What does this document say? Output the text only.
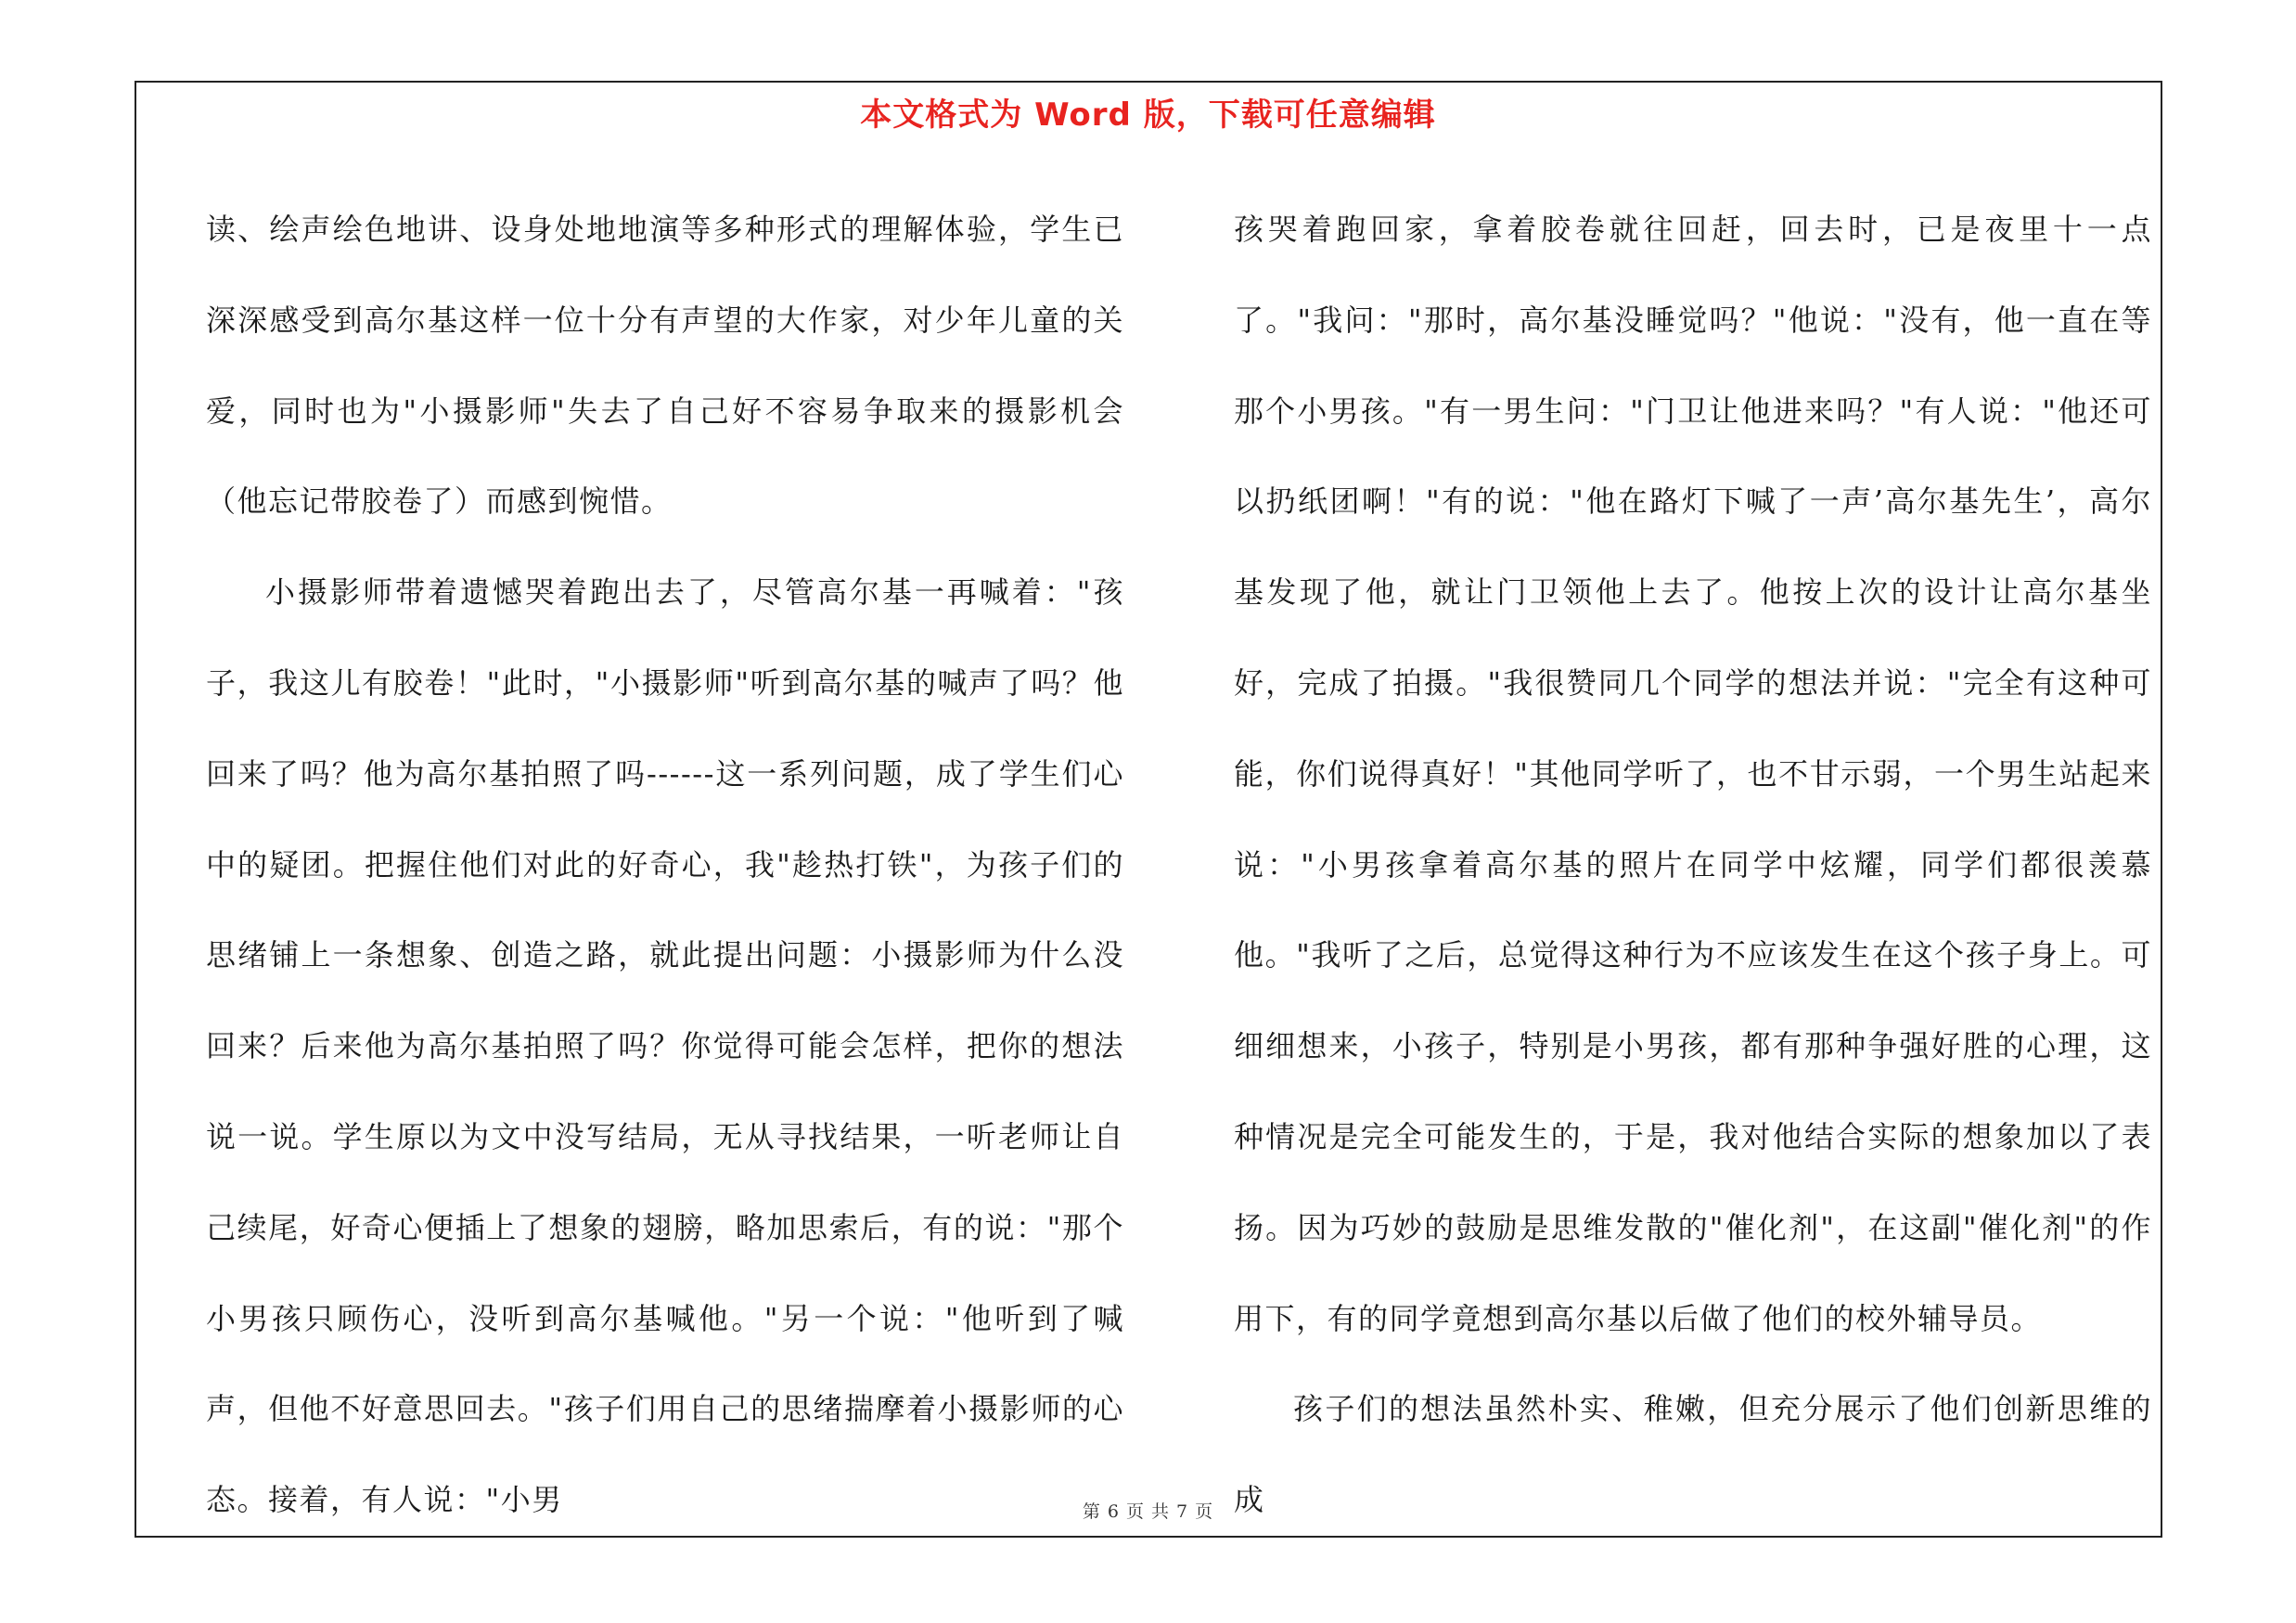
本文格式为 Word 版，下载可任意编辑

读、绘声绘色地讲、设身处地地演等多种形式的理解体验，学生已深深感受到高尔基这样一位十分有声望的大作家，对少年儿童的关爱，同时也为"小摄影师"失去了自己好不容易争取来的摄影机会（他忘记带胶卷了）而感到惋惜。

小摄影师带着遗憾哭着跑出去了，尽管高尔基一再喊着："孩子，我这儿有胶卷！"此时，"小摄影师"听到高尔基的喊声了吗？他回来了吗？他为高尔基拍照了吗------这一系列问题，成了学生们心中的疑团。把握住他们对此的好奇心，我"趁热打铁"，为孩子们的思绪铺上一条想象、创造之路，就此提出问题：小摄影师为什么没回来？后来他为高尔基拍照了吗？你觉得可能会怎样，把你的想法说一说。学生原以为文中没写结局，无从寻找结果，一听老师让自己续尾，好奇心便插上了想象的翅膀，略加思索后，有的说："那个小男孩只顾伤心，没听到高尔基喊他。"另一个说："他听到了喊声，但他不好意思回去。"孩子们用自己的思绪揣摩着小摄影师的心态。接着，有人说："小男

孩哭着跑回家，拿着胶卷就往回赶，回去时，已是夜里十一点了。"我问："那时，高尔基没睡觉吗？"他说："没有，他一直在等那个小男孩。"有一男生问："门卫让他进来吗？"有人说："他还可以扔纸团啊！"有的说："他在路灯下喊了一声’高尔基先生’，高尔基发现了他，就让门卫领他上去了。他按上次的设计让高尔基坐好，完成了拍摄。"我很赞同几个同学的想法并说："完全有这种可能，你们说得真好！"其他同学听了，也不甘示弱，一个男生站起来说："小男孩拿着高尔基的照片在同学中炫耀，同学们都很羡慕他。"我听了之后，总觉得这种行为不应该发生在这个孩子身上。可细细想来，小孩子，特别是小男孩，都有那种争强好胜的心理，这种情况是完全可能发生的，于是，我对他结合实际的想象加以了表扬。因为巧妙的鼓励是思维发散的"催化剂"，在这副"催化剂"的作用下，有的同学竟想到高尔基以后做了他们的校外辅导员。

孩子们的想法虽然朴实、稚嫩，但充分展示了他们创新思维的成

第 6 页 共 7 页
